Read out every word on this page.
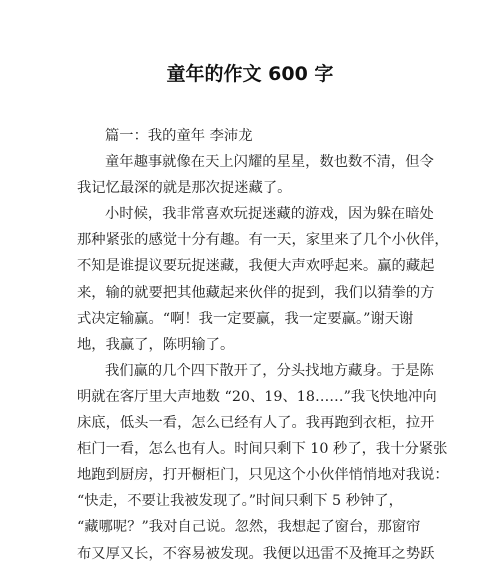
童年的作文 600 字
篇一：我的童年 李沛龙
童年趣事就像在天上闪耀的星星，数也数不清，但令
我记忆最深的就是那次捉迷藏了。
小时候，我非常喜欢玩捉迷藏的游戏，因为躲在暗处
那种紧张的感觉十分有趣。有一天，家里来了几个小伙伴，
不知是谁提议要玩捉迷藏，我便大声欢呼起来。赢的藏起
来，输的就要把其他藏起来伙伴的捉到，我们以猜拳的方
式决定输赢。“啊！我一定要赢，我一定要赢。”谢天谢
地，我赢了，陈明输了。
我们赢的几个四下散开了，分头找地方藏身。于是陈
明就在客厅里大声地数 “20、19、18……”我飞快地冲向
床底，低头一看，怎么已经有人了。我再跑到衣柜，拉开
柜门一看，怎么也有人。时间只剩下 10 秒了，我十分紧张
地跑到厨房，打开橱柜门，只见这个小伙伴悄悄地对我说：
“快走，不要让我被发现了。”时间只剩下 5 秒钟了，
“藏哪呢？”我对自己说。忽然，我想起了窗台，那窗帘
布又厚又长，不容易被发现。我便以迅雷不及掩耳之势跃
